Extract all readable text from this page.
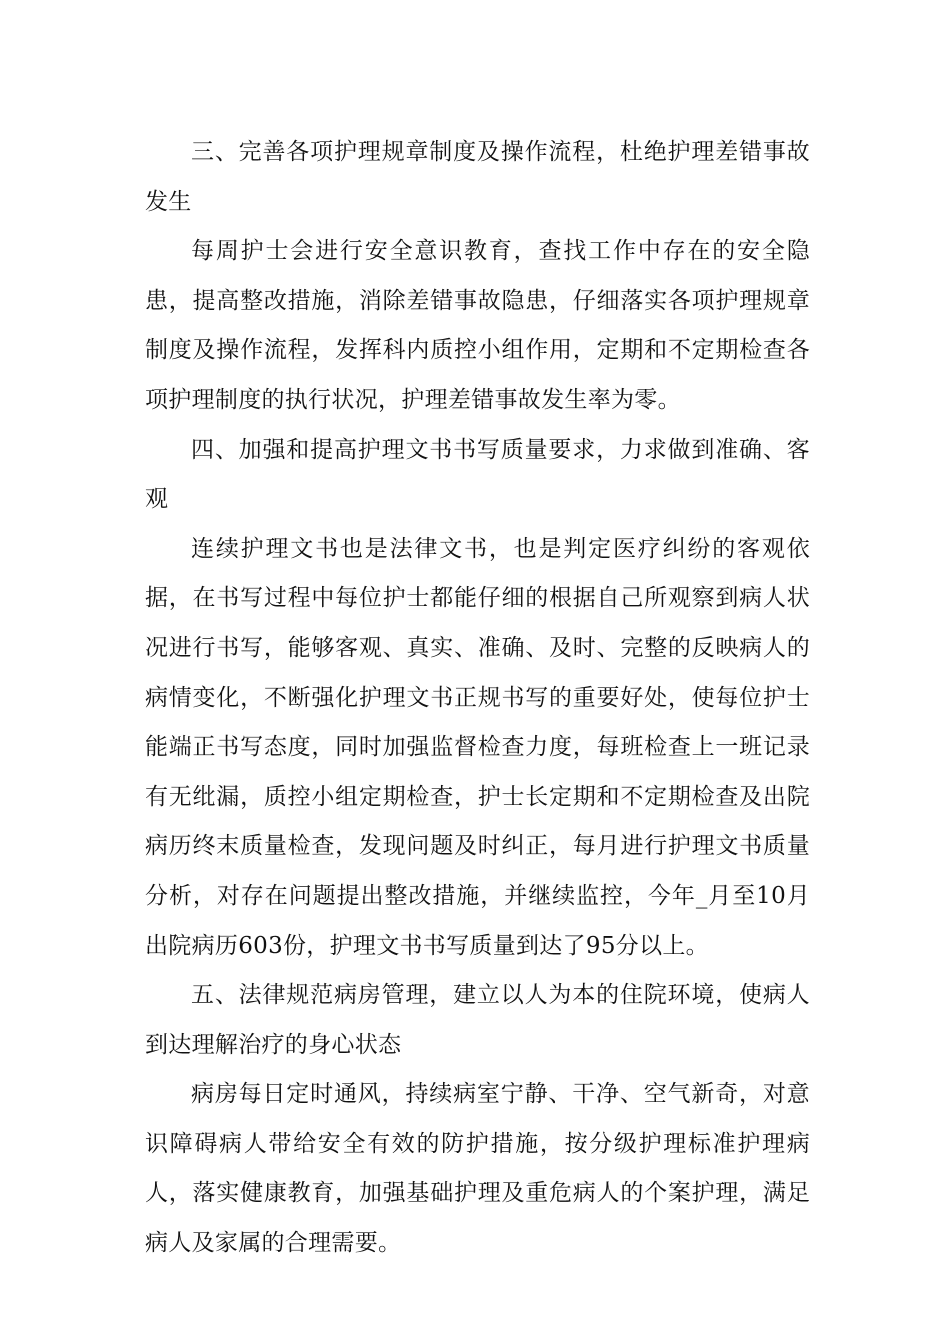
三、完善各项护理规章制度及操作流程，杜绝护理差错事故发生

每周护士会进行安全意识教育，查找工作中存在的安全隐患，提高整改措施，消除差错事故隐患，仔细落实各项护理规章制度及操作流程，发挥科内质控小组作用，定期和不定期检查各项护理制度的执行状况，护理差错事故发生率为零。

四、加强和提高护理文书书写质量要求，力求做到准确、客观

连续护理文书也是法律文书，也是判定医疗纠纷的客观依据，在书写过程中每位护士都能仔细的根据自己所观察到病人状况进行书写，能够客观、真实、准确、及时、完整的反映病人的病情变化，不断强化护理文书正规书写的重要好处，使每位护士能端正书写态度，同时加强监督检查力度，每班检查上一班记录有无纰漏，质控小组定期检查，护士长定期和不定期检查及出院病历终末质量检查，发现问题及时纠正，每月进行护理文书质量分析，对存在问题提出整改措施，并继续监控，今年_月至10月出院病历603份，护理文书书写质量到达了95分以上。

五、法律规范病房管理，建立以人为本的住院环境，使病人到达理解治疗的身心状态

病房每日定时通风，持续病室宁静、干净、空气新奇，对意识障碍病人带给安全有效的防护措施，按分级护理标准护理病人，落实健康教育，加强基础护理及重危病人的个案护理，满足病人及家属的合理需要。
